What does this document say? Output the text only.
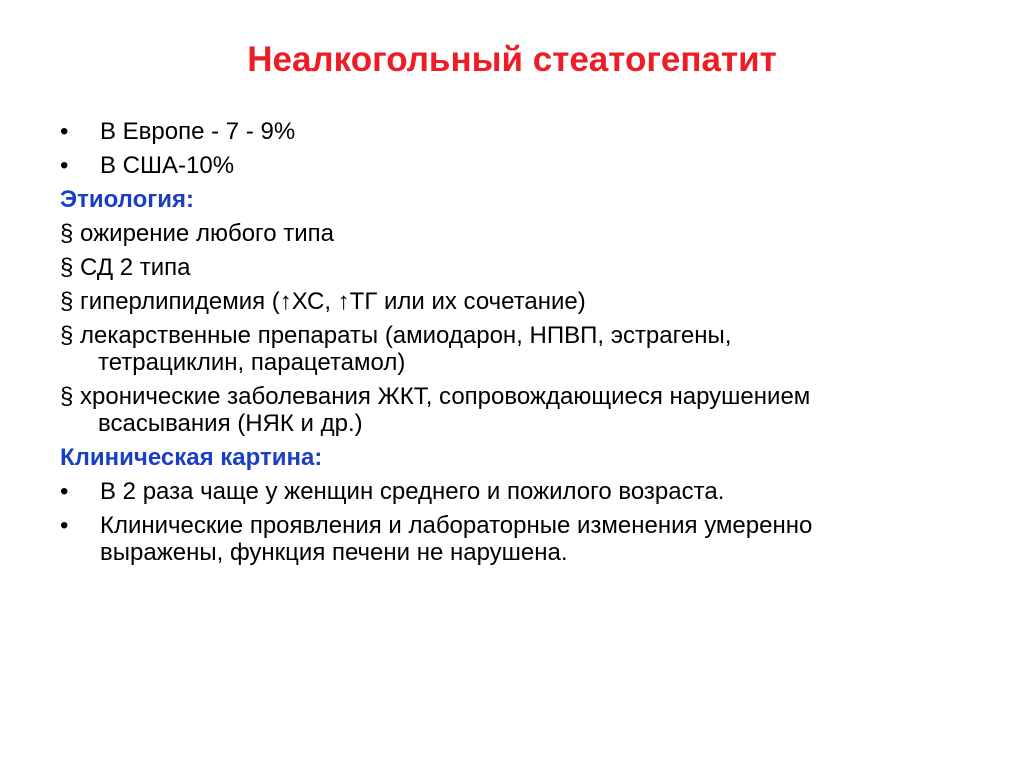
Неалкогольный стеатогепатит
• В Европе - 7 - 9%
• В США-10%
Этиология:
§ ожирение любого типа
§ СД 2 типа
§ гиперлипидемия (↑ХС, ↑ТГ или их сочетание)
§ лекарственные препараты (амиодарон, НПВП, эстрагены,
тетрациклин, парацетамол)
§ хронические заболевания ЖКТ, сопровождающиеся нарушением
всасывания (НЯК и др.)
Клиническая картина:
• В 2 раза чаще у женщин среднего и пожилого возраста.
• Клинические проявления и лабораторные изменения умеренно
выражены, функция печени не нарушена.
